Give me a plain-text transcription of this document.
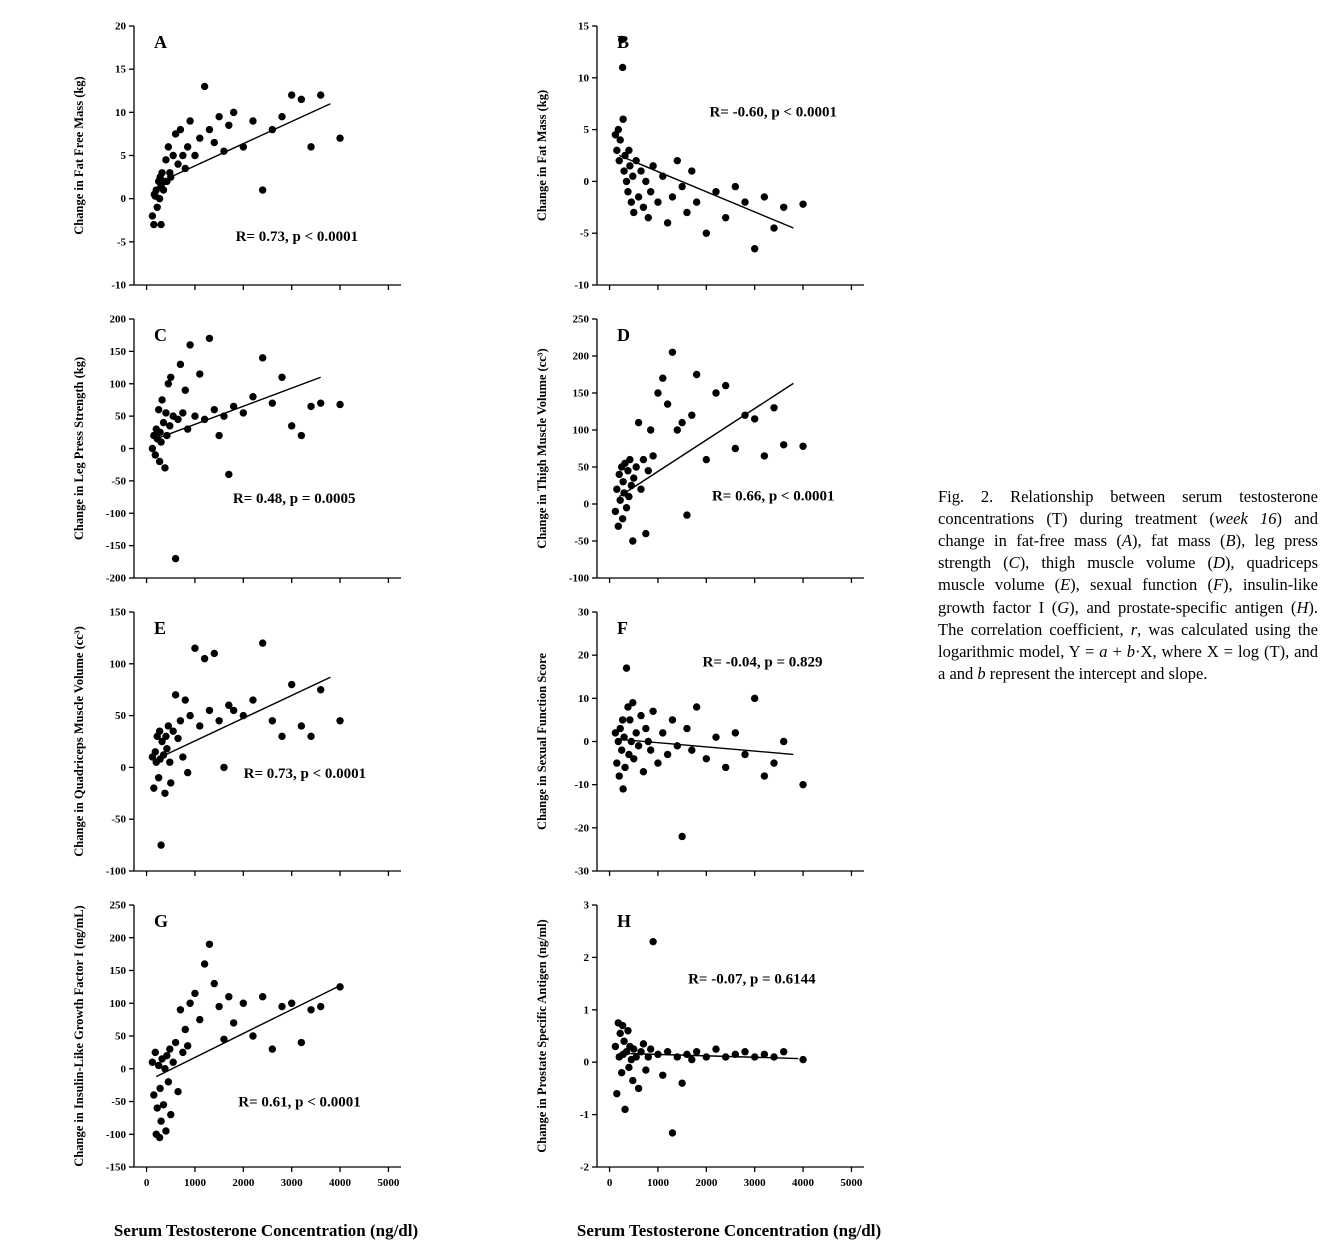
-10
-5
0
5
10
15
20
A
R= 0.73, p < 0.0001
Change in Fat Free Mass (kg)
-200
-150
-100
-50
0
50
100
150
200
C
R= 0.48, p = 0.0005
Change in Leg Press Strength (kg)
-100
-50
0
50
100
150
E
R= 0.73, p < 0.0001
Change in Quadriceps Muscle Volume (cc³)
-150
-100
-50
0
50
100
150
200
250
0	1000 2000 3000 4000 5000
G
R= 0.61, p < 0.0001
Change in Insulin-Like Growth Factor I (ng/mL)
Serum Testosterone Concentration (ng/dl)
-10
-5
0
5
10
15
B
R= -0.60, p < 0.0001
Change in Fat Mass (kg)
-100
-50
0
50
100
150
200
250
D
R= 0.66, p < 0.0001
Change in Thigh Muscle Volume (cc³)
-30
-20
-10
0
10
20
30
F
R= -0.04, p = 0.829
Change in Sexual Function Score
-2
-1
0
1
2
3
0	1000 2000 3000 4000 5000
H
R= -0.07, p = 0.6144
Change in Prostate Specific Antigen (ng/ml)
Serum Testosterone Concentration (ng/dl)

Fig. 2. Relationship between serum testosterone concentrations (T) during treatment (week 16) and change in fat-free mass (A), fat mass (B), leg press strength (C), thigh muscle volume (D), quadriceps muscle volume (E), sexual function (F), insulin-like growth factor I (G), and prostate-specific antigen (H). The correlation coefficient, r, was calculated using the logarithmic model, Y = a + b·X, where X = log (T), and a and b represent the intercept and slope.
